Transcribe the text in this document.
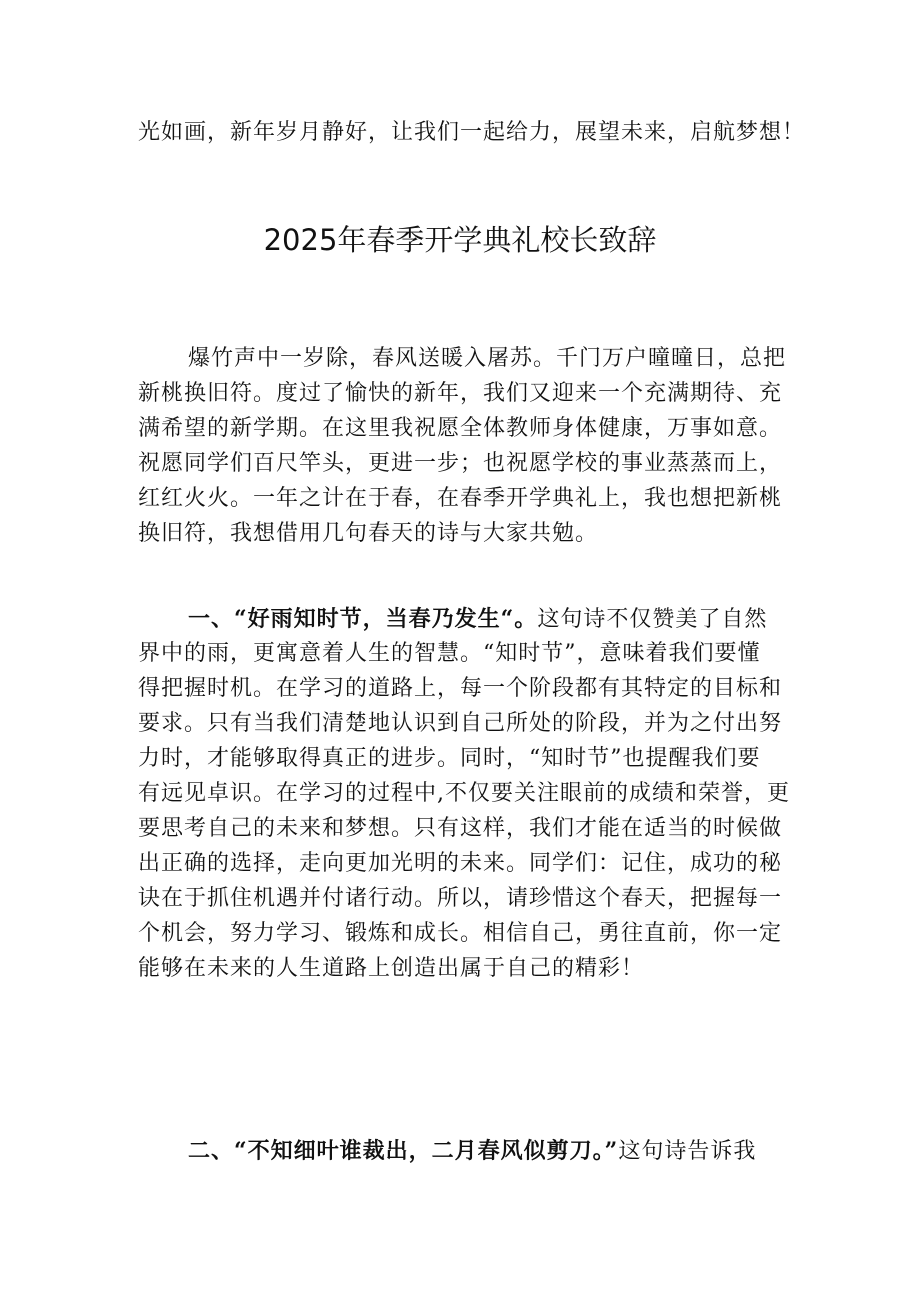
光如画，新年岁月静好，让我们一起给力，展望未来，启航梦想！
2025年春季开学典礼校长致辞
爆竹声中一岁除，春风送暖入屠苏。千门万户曈曈日，总把
新桃换旧符。度过了愉快的新年，我们又迎来一个充满期待、充
满希望的新学期。在这里我祝愿全体教师身体健康，万事如意。
祝愿同学们百尺竿头，更进一步；也祝愿学校的事业蒸蒸而上，
红红火火。一年之计在于春，在春季开学典礼上，我也想把新桃
换旧符，我想借用几句春天的诗与大家共勉。
一、“好雨知时节，当春乃发生“。这句诗不仅赞美了自然
界中的雨，更寓意着人生的智慧。“知时节”，意味着我们要懂
得把握时机。在学习的道路上，每一个阶段都有其特定的目标和
要求。只有当我们清楚地认识到自己所处的阶段，并为之付出努
力时，才能够取得真正的进步。同时，“知时节”也提醒我们要
有远见卓识。在学习的过程中,不仅要关注眼前的成绩和荣誉，更
要思考自己的未来和梦想。只有这样，我们才能在适当的时候做
出正确的选择，走向更加光明的未来。同学们：记住，成功的秘
诀在于抓住机遇并付诸行动。所以，请珍惜这个春天，把握每一
个机会，努力学习、锻炼和成长。相信自己，勇往直前，你一定
能够在未来的人生道路上创造出属于自己的精彩！
二、“不知细叶谁裁出，二月春风似剪刀。”这句诗告诉我
